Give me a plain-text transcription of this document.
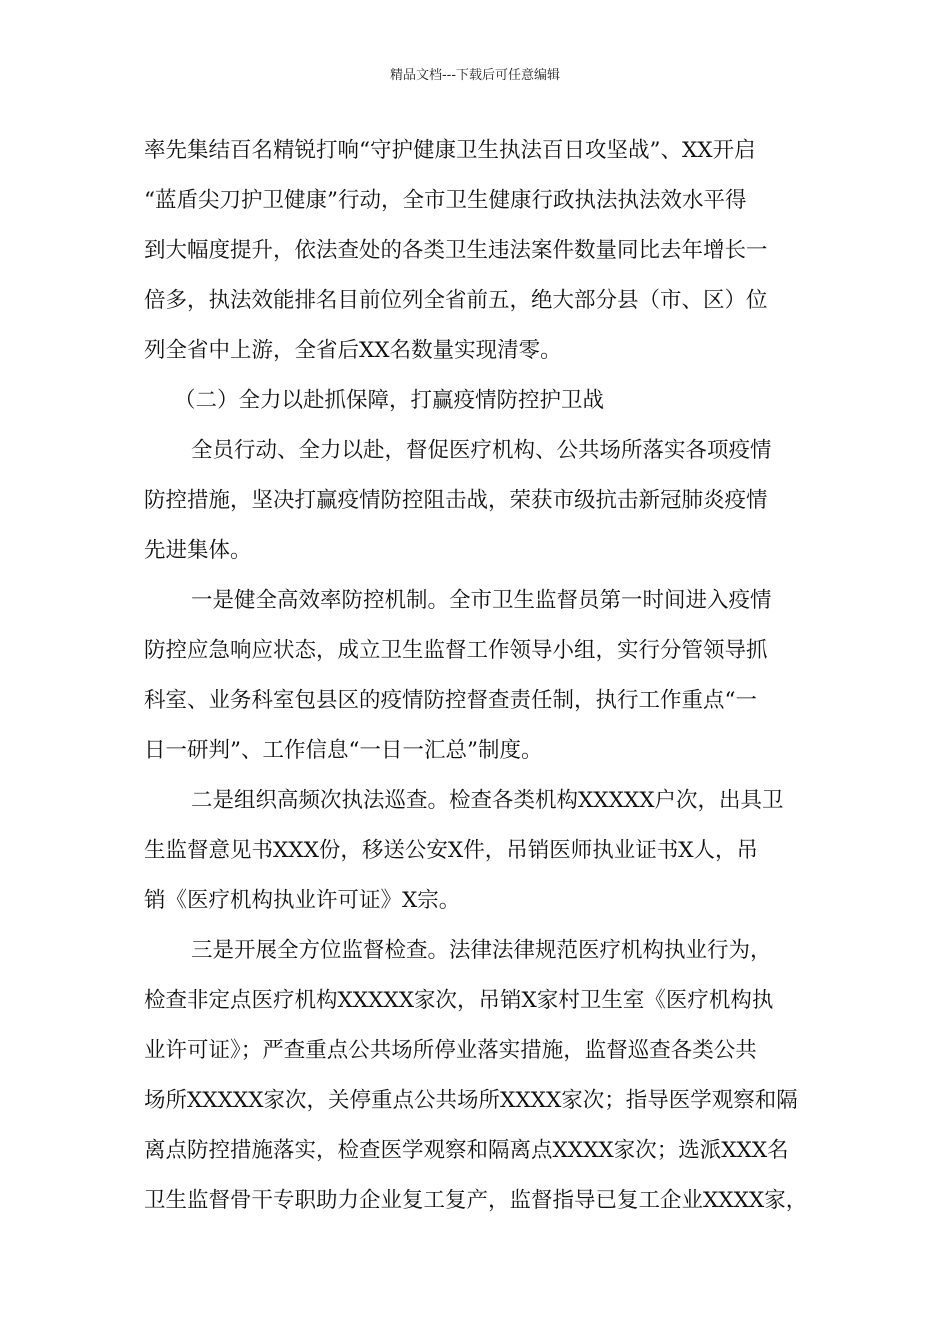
精品文档---下载后可任意编辑
率先集结百名精锐打响“守护健康卫生执法百日攻坚战”、XX开启
“蓝盾尖刀护卫健康”行动，全市卫生健康行政执法执法效水平得
到大幅度提升，依法查处的各类卫生违法案件数量同比去年增长一
倍多，执法效能排名目前位列全省前五，绝大部分县（市、区）位
列全省中上游，全省后XX名数量实现清零。
（二）全力以赴抓保障，打赢疫情防控护卫战
全员行动、全力以赴，督促医疗机构、公共场所落实各项疫情
防控措施，坚决打赢疫情防控阻击战，荣获市级抗击新冠肺炎疫情
先进集体。
一是健全高效率防控机制。全市卫生监督员第一时间进入疫情
防控应急响应状态，成立卫生监督工作领导小组，实行分管领导抓
科室、业务科室包县区的疫情防控督查责任制，执行工作重点“一
日一研判”、工作信息“一日一汇总”制度。
二是组织高频次执法巡查。检查各类机构XXXXX户次，出具卫
生监督意见书XXX份，移送公安X件，吊销医师执业证书X人，吊
销《医疗机构执业许可证》X宗。
三是开展全方位监督检查。法律法律规范医疗机构执业行为，
检查非定点医疗机构XXXXX家次，吊销X家村卫生室《医疗机构执
业许可证》；严查重点公共场所停业落实措施，监督巡查各类公共
场所XXXXX家次，关停重点公共场所XXXX家次；指导医学观察和隔
离点防控措施落实，检查医学观察和隔离点XXXX家次；选派XXX名
卫生监督骨干专职助力企业复工复产，监督指导已复工企业XXXX家，
